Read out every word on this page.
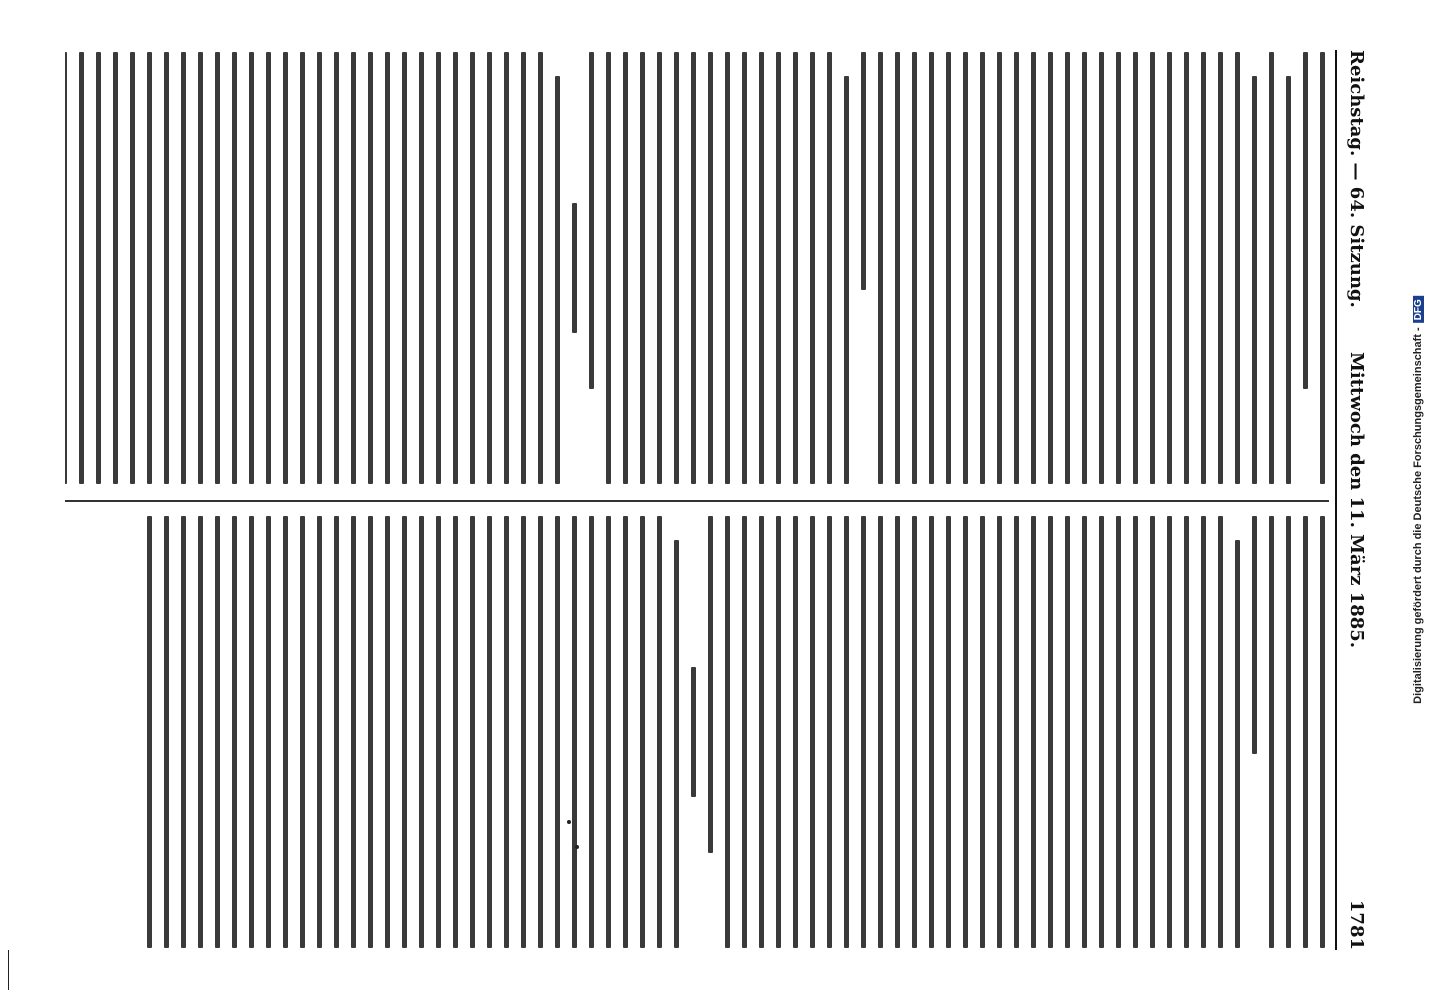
Reichstag. — 64. Sitzung.
Mittwoch den 11. März 1885.
1781
Digitalisierung gefördert durch die Deutsche Forschungsgemeinschaft -DFG
